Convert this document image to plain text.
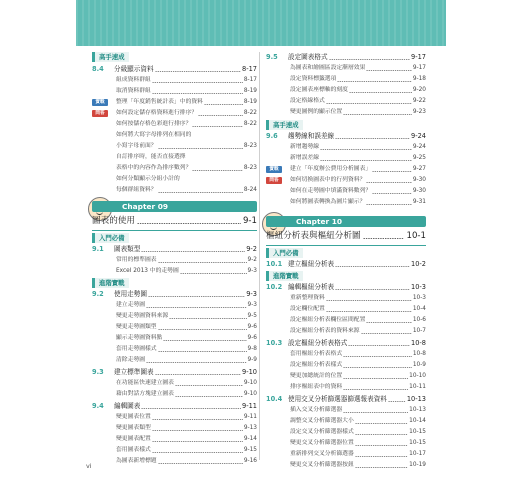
高手速成
8.4	分級顯示資料	8-17
組成資料群組	8-17
取消資料群組	8-19
實戰	整理「年度銷售統計表」中的資料	8-19
問答	如何設定儲存格資料進行排序？	8-22
如何按儲存格色彩進行排序？	8-22
如何將大寫字母排列在相同的
小寫字母前面？	8-23
自訂排序時，能否直接選擇
表格中的內容作為排序數列？	8-23
如何分類顯示分組小計的
每個群組資料？	8-24
Chapter 09
圖表的使用	9-1
入門必備
9.1	圖表類型	9-2
常用的標準圖表	9-2
Excel 2013 中的走勢圖	9-3
進階實戰
9.2	使用走勢圖	9-3
建立走勢圖	9-3
變更走勢圖資料來源	9-5
變更走勢圖類型	9-6
顯示走勢圖資料點	9-6
套用走勢圖樣式	9-8
清除走勢圖	9-9
9.3	建立標準圖表	9-10
在功能區快速建立圖表	9-10
藉由對話方塊建立圖表	9-10
9.4	編輯圖表	9-11
變更圖表位置	9-11
變更圖表類型	9-13
變更圖表配置	9-14
套用圖表樣式	9-15
為圖表新增標題	9-16
9.5	設定圖表格式	9-17
為圖表和繪圖區設定漸層效果	9-17
設定資料標籤選項	9-18
設定圖表座標軸的刻度	9-20
設定格線格式	9-22
變更圖例的顯示位置	9-23
高手速成
9.6	趨勢線和誤差線	9-24
新增趨勢線	9-24
新增誤差線	9-25
實戰	建立「年度辦公費用分析圖表」	9-27
問答	如何切換圖表中的行列資料？	9-30
如何在走勢圖中填滿資料數列？	9-30
如何將圖表轉換為圖片顯示？	9-31
Chapter 10
樞紐分析表與樞紐分析圖	10-1
入門必備
10.1 建立樞紐分析表	10-2
進階實戰
10.2 編輯樞紐分析表	10-3
重新整理資料	10-3
設定欄位配置	10-4
設定樞紐分析表欄位區間配置	10-6
設定樞紐分析表的資料來源	10-7
10.3 設定樞紐分析表格式	10-8
套用樞紐分析表格式	10-8
設定樞紐分析表樣式	10-9
變更加總統計的位置	10-10
排序樞紐表中的資料	10-11
10.4 使用交叉分析篩選器篩選報表資料	10-13
插入交叉分析篩選器	10-13
調整交叉分析篩選器大小	10-14
設定交叉分析篩選器樣式	10-15
變更交叉分析篩選器位置	10-15
重新排列交叉分析篩選器	10-17
變更交叉分析篩選器按鈕	10-19
vi
